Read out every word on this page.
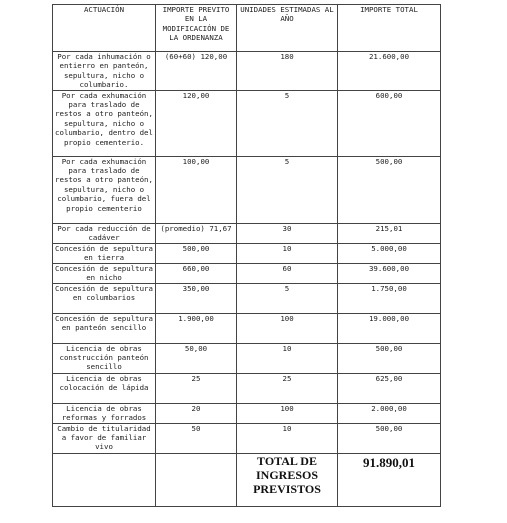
ACTUACIÓN	IMPORTE PREVITO EN LA MODIFICACIÓN DE LA ORDENANZA	UNIDADES ESTIMADAS AL AÑO	IMPORTE TOTAL
Por cada inhumación o entierro en panteón, sepultura, nicho o columbario.	(60+60) 120,00	180	21.600,00
Por cada exhumación para traslado de restos a otro panteón, sepultura, nicho o columbario, dentro del propio cementerio.	120,00	5	600,00
Por cada exhumación para traslado de restos a otro panteón, sepultura, nicho o columbario, fuera del propio cementerio	100,00	5	500,00
Por cada reducción de cadáver	(promedio) 71,67	30	215,01
Concesión de sepultura en tierra	500,00	10	5.000,00
Concesión de sepultura en nicho	660,00	60	39.600,00
Concesión de sepultura en columbarios	350,00	5	1.750,00
Concesión de sepultura en panteón sencillo	1.900,00	100	19.000,00
Licencia de obras construcción panteón sencillo	50,00	10	500,00
Licencia de obras colocación de lápida	25	25	625,00
Licencia de obras reformas y forrados	20	100	2.000,00
Cambio de titularidad a favor de familiar vivo	50	10	500,00
		TOTAL DE INGRESOS PREVISTOS	91.890,01
